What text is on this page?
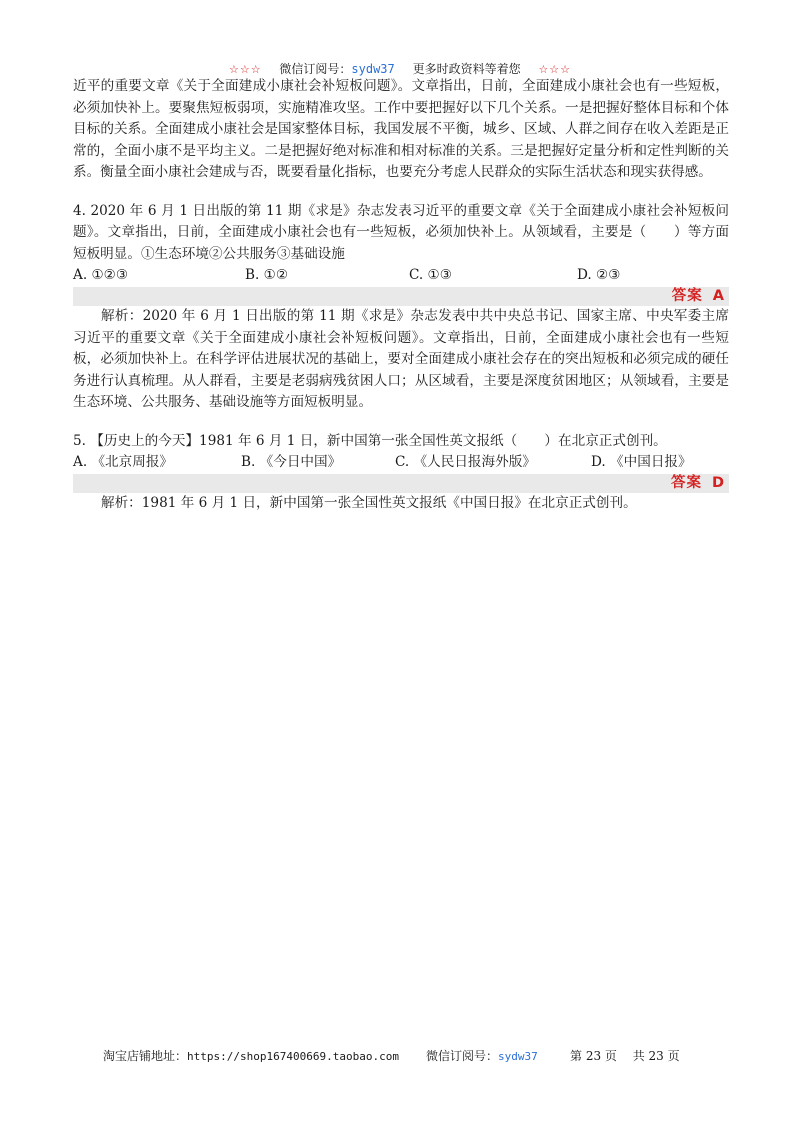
☆☆☆ 微信订阅号：sydw37 更多时政资料等着您 ☆☆☆

近平的重要文章《关于全面建成小康社会补短板问题》。文章指出，日前，全面建成小康社会也有一些短板，必须加快补上。要聚焦短板弱项，实施精准攻坚。工作中要把握好以下几个关系。一是把握好整体目标和个体目标的关系。全面建成小康社会是国家整体目标，我国发展不平衡，城乡、区域、人群之间存在收入差距是正常的，全面小康不是平均主义。二是把握好绝对标准和相对标准的关系。三是把握好定量分析和定性判断的关系。衡量全面小康社会建成与否，既要看量化指标，也要充分考虑人民群众的实际生活状态和现实获得感。

4. 2020 年 6 月 1 日出版的第 11 期《求是》杂志发表习近平的重要文章《关于全面建成小康社会补短板问题》。文章指出，日前，全面建成小康社会也有一些短板，必须加快补上。从领域看，主要是（　　）等方面短板明显。①生态环境②公共服务③基础设施

A. ①②③	B. ①②	C. ①③	D. ②③
答案 A

解析：2020 年 6 月 1 日出版的第 11 期《求是》杂志发表中共中央总书记、国家主席、中央军委主席习近平的重要文章《关于全面建成小康社会补短板问题》。文章指出，日前，全面建成小康社会也有一些短板，必须加快补上。在科学评估进展状况的基础上，要对全面建成小康社会存在的突出短板和必须完成的硬任务进行认真梳理。从人群看，主要是老弱病残贫困人口；从区域看，主要是深度贫困地区；从领域看，主要是生态环境、公共服务、基础设施等方面短板明显。

5. 【历史上的今天】1981 年 6 月 1 日，新中国第一张全国性英文报纸（　　）在北京正式创刊。

A. 《北京周报》	B. 《今日中国》	C. 《人民日报海外版》	D. 《中国日报》
答案 D

解析：1981 年 6 月 1 日，新中国第一张全国性英文报纸《中国日报》在北京正式创刊。

淘宝店铺地址：https://shop167400669.taobao.com 微信订阅号：sydw37	第 23 页　 共 23 页
